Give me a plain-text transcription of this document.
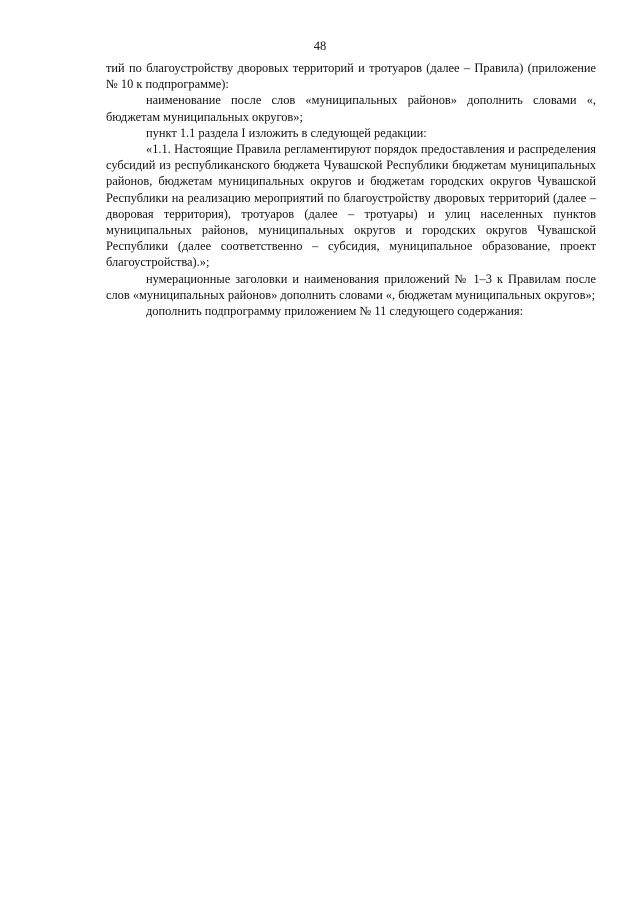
48

тий по благоустройству дворовых территорий и тротуаров (далее – Правила) (приложение № 10 к подпрограмме):

наименование после слов «муниципальных районов» дополнить словами «, бюджетам муниципальных округов»;

пункт 1.1 раздела I изложить в следующей редакции:

«1.1. Настоящие Правила регламентируют порядок предоставления и распределения субсидий из республиканского бюджета Чувашской Республики бюджетам муниципальных районов, бюджетам муниципальных округов и бюджетам городских округов Чувашской Республики на реализацию мероприятий по благоустройству дворовых территорий (далее – дворовая территория), тротуаров (далее – тротуары) и улиц населенных пунктов муниципальных районов, муниципальных округов и городских округов Чувашской Республики (далее соответственно – субсидия, муниципальное образование, проект благоустройства).»;

нумерационные заголовки и наименования приложений № 1–3 к Правилам после слов «муниципальных районов» дополнить словами «, бюджетам муниципальных округов»;

дополнить подпрограмму приложением № 11 следующего содержания:
